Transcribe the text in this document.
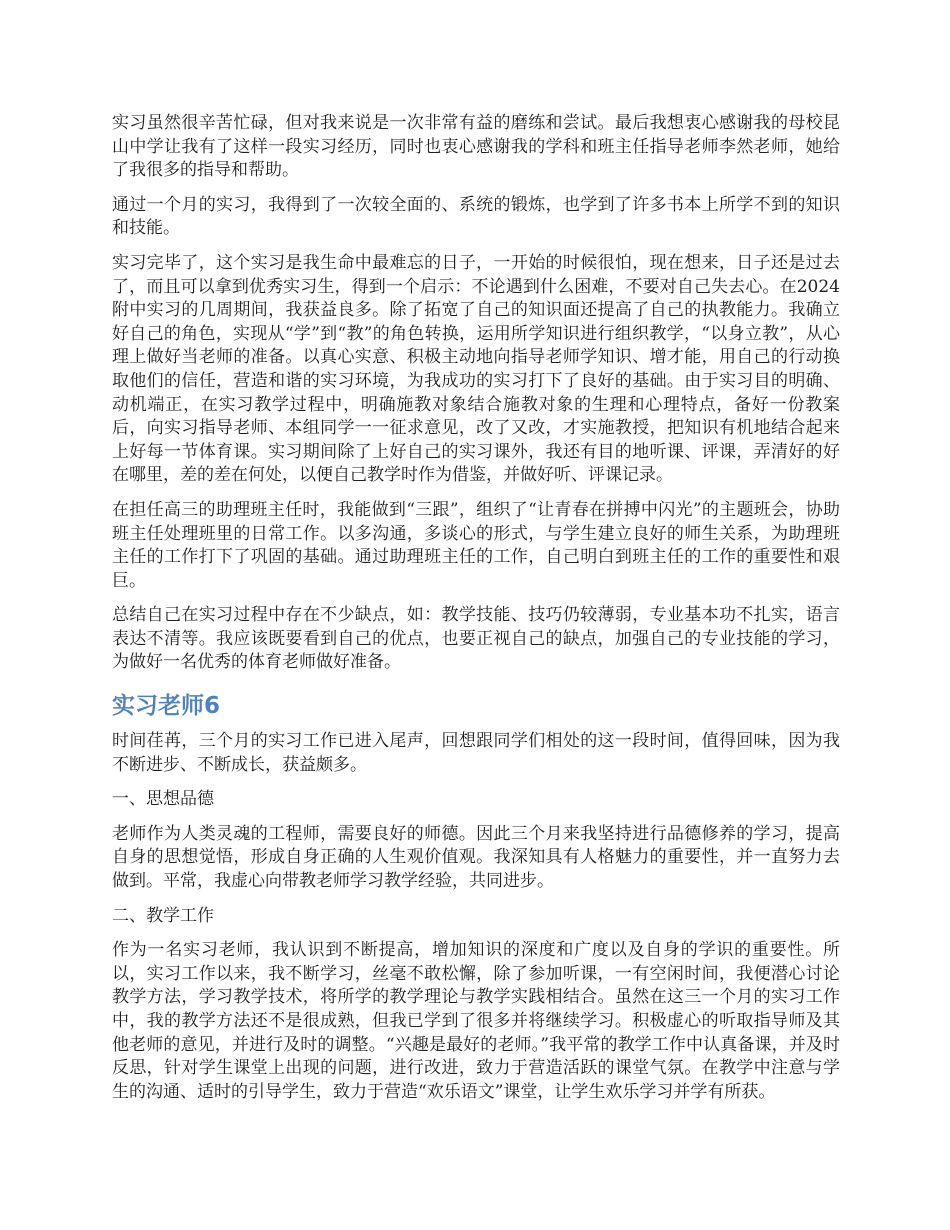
实习虽然很辛苦忙碌，但对我来说是一次非常有益的磨练和尝试。最后我想衷心感谢我的母校昆山中学让我有了这样一段实习经历，同时也衷心感谢我的学科和班主任指导老师李然老师，她给了我很多的指导和帮助。

通过一个月的实习，我得到了一次较全面的、系统的锻炼，也学到了许多书本上所学不到的知识和技能。

实习完毕了，这个实习是我生命中最难忘的日子，一开始的时候很怕，现在想来，日子还是过去了，而且可以拿到优秀实习生，得到一个启示：不论遇到什么困难，不要对自己失去心。在2024附中实习的几周期间，我获益良多。除了拓宽了自己的知识面还提高了自己的执教能力。我确立好自己的角色，实现从“学”到“教”的角色转换，运用所学知识进行组织教学，“以身立教”，从心理上做好当老师的准备。以真心实意、积极主动地向指导老师学知识、增才能，用自己的行动换取他们的信任，营造和谐的实习环境，为我成功的实习打下了良好的基础。由于实习目的明确、动机端正，在实习教学过程中，明确施教对象结合施教对象的生理和心理特点，备好一份教案后，向实习指导老师、本组同学一一征求意见，改了又改，才实施教授，把知识有机地结合起来上好每一节体育课。实习期间除了上好自己的实习课外，我还有目的地听课、评课，弄清好的好在哪里，差的差在何处，以便自己教学时作为借鉴，并做好听、评课记录。

在担任高三的助理班主任时，我能做到“三跟”，组织了“让青春在拼搏中闪光”的主题班会，协助班主任处理班里的日常工作。以多沟通，多谈心的形式，与学生建立良好的师生关系，为助理班主任的工作打下了巩固的基础。通过助理班主任的工作，自己明白到班主任的工作的重要性和艰巨。

总结自己在实习过程中存在不少缺点，如：教学技能、技巧仍较薄弱，专业基本功不扎实，语言表达不清等。我应该既要看到自己的优点，也要正视自己的缺点，加强自己的专业技能的学习，为做好一名优秀的体育老师做好准备。

实习老师6

时间荏苒，三个月的实习工作已进入尾声，回想跟同学们相处的这一段时间，值得回味，因为我不断进步、不断成长，获益颇多。

一、思想品德

老师作为人类灵魂的工程师，需要良好的师德。因此三个月来我坚持进行品德修养的学习，提高自身的思想觉悟，形成自身正确的人生观价值观。我深知具有人格魅力的重要性，并一直努力去做到。平常，我虚心向带教老师学习教学经验，共同进步。

二、教学工作

作为一名实习老师，我认识到不断提高，增加知识的深度和广度以及自身的学识的重要性。所以，实习工作以来，我不断学习，丝毫不敢松懈，除了参加听课，一有空闲时间，我便潜心讨论教学方法，学习教学技术，将所学的教学理论与教学实践相结合。虽然在这三一个月的实习工作中，我的教学方法还不是很成熟，但我已学到了很多并将继续学习。积极虚心的听取指导师及其他老师的意见，并进行及时的调整。“兴趣是最好的老师。”我平常的教学工作中认真备课，并及时反思，针对学生课堂上出现的问题，进行改进，致力于营造活跃的课堂气氛。在教学中注意与学生的沟通、适时的引导学生，致力于营造“欢乐语文”课堂，让学生欢乐学习并学有所获。
